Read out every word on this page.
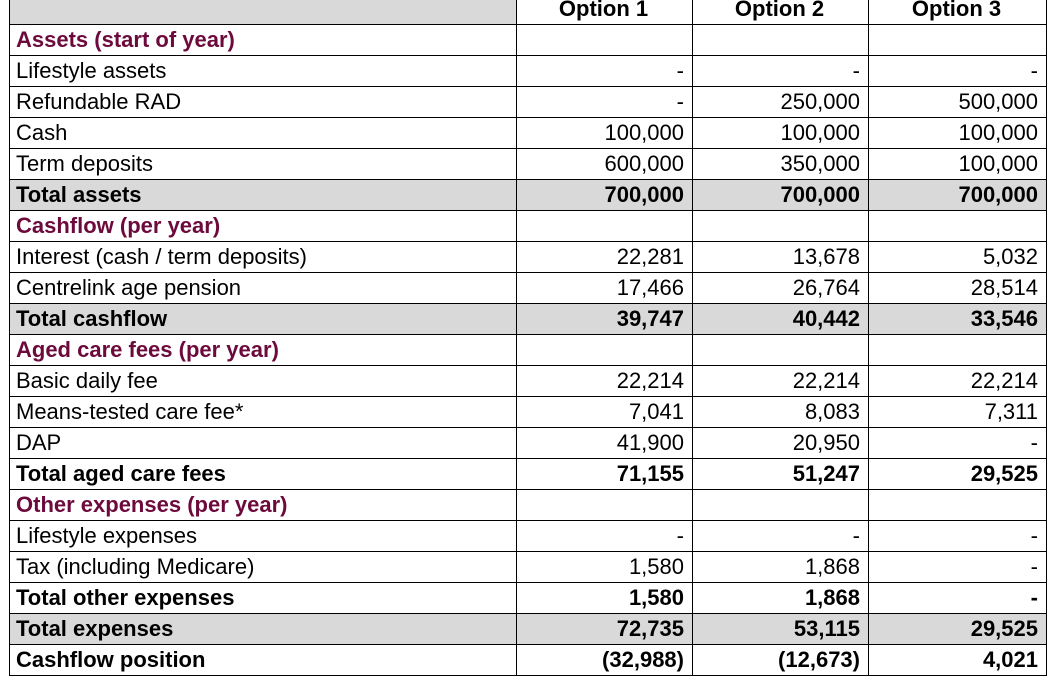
	Option 1	Option 2	Option 3
Assets (start of year)			
Lifestyle assets	-	-	-
Refundable RAD	-	250,000	500,000
Cash	100,000	100,000	100,000
Term deposits	600,000	350,000	100,000
Total assets	700,000	700,000	700,000
Cashflow (per year)			
Interest (cash / term deposits)	22,281	13,678	5,032
Centrelink age pension	17,466	26,764	28,514
Total cashflow	39,747	40,442	33,546
Aged care fees (per year)			
Basic daily fee	22,214	22,214	22,214
Means-tested care fee*	7,041	8,083	7,311
DAP	41,900	20,950	-
Total aged care fees	71,155	51,247	29,525
Other expenses (per year)			
Lifestyle expenses	-	-	-
Tax (including Medicare)	1,580	1,868	-
Total other expenses	1,580	1,868	-
Total expenses	72,735	53,115	29,525
Cashflow position	(32,988)	(12,673)	4,021
